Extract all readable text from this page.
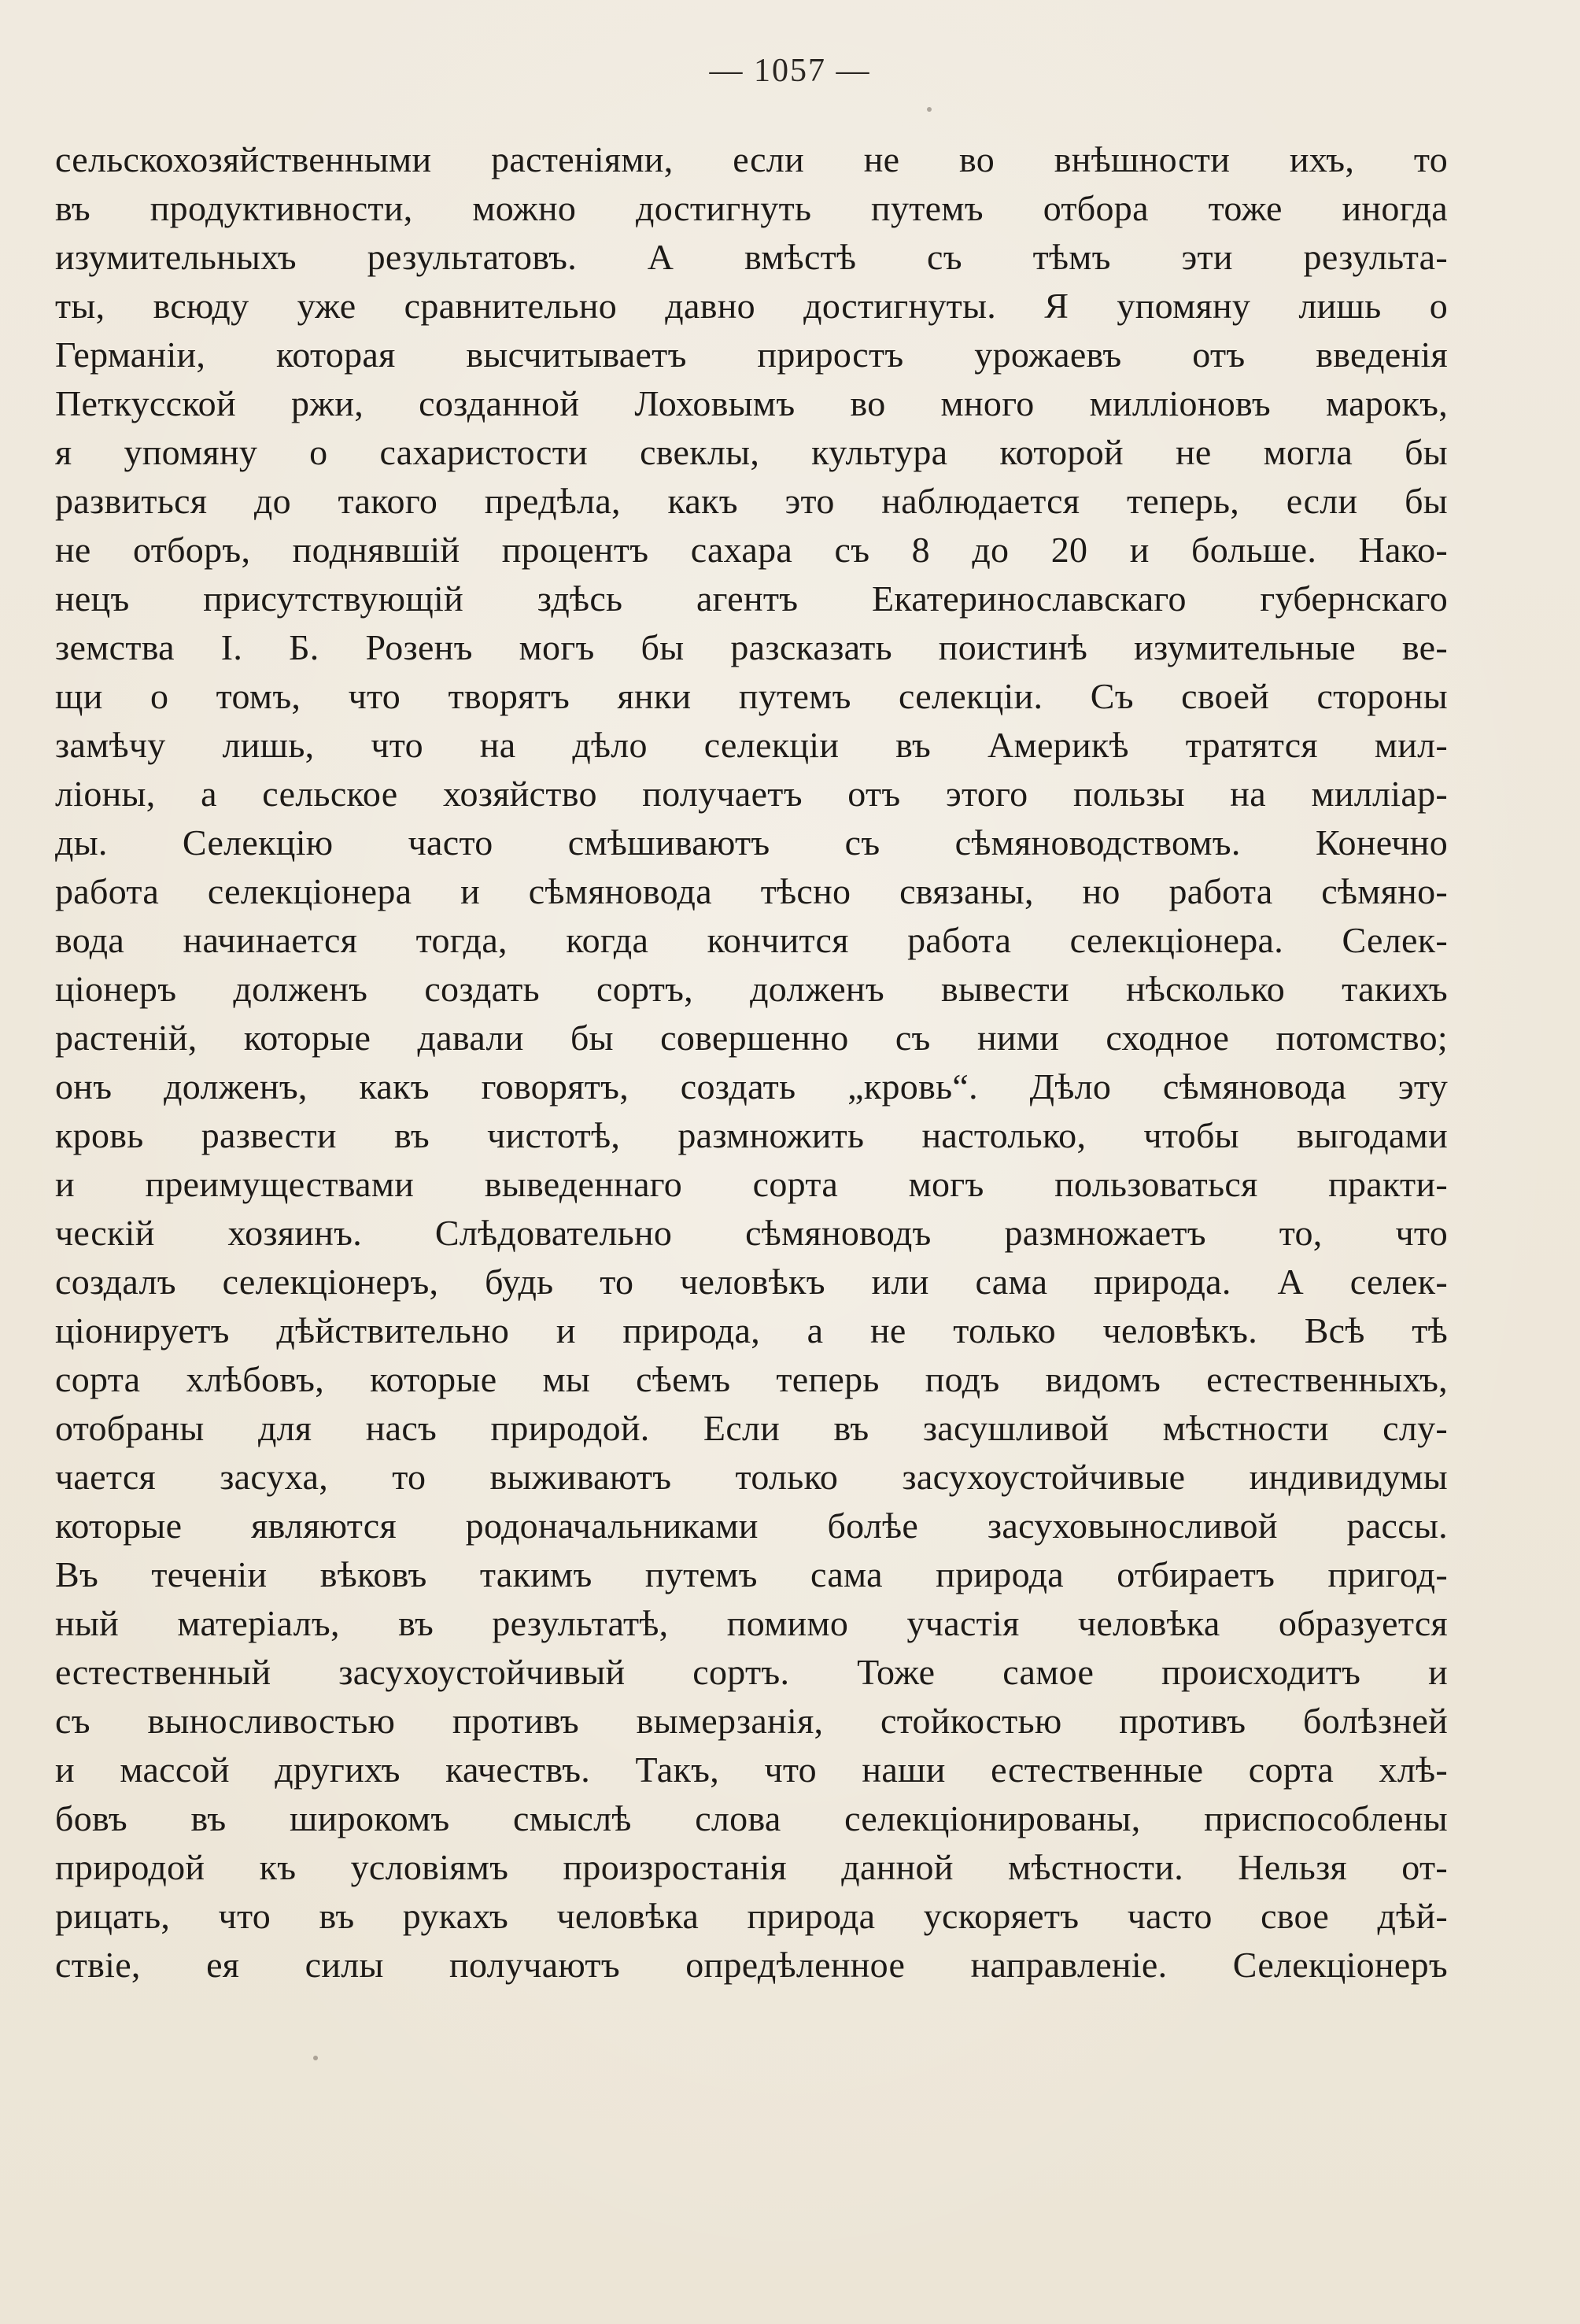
— 1057 —
сельскохозяйственными растеніями, если не во внѣшности ихъ, то
въ продуктивности, можно достигнуть путемъ отбора тоже иногда
изумительныхъ результатовъ. А вмѣстѣ съ тѣмъ эти результа-
ты, всюду уже сравнительно давно достигнуты. Я упомяну лишь о
Германіи, которая высчитываетъ приростъ урожаевъ отъ введенія
Петкусской ржи, созданной Лоховымъ во много милліоновъ марокъ,
я упомяну о сахаристости свеклы, культура которой не могла бы
развиться до такого предѣла, какъ это наблюдается теперь, если бы
не отборъ, поднявшій процентъ сахара съ 8 до 20 и больше. Нако-
нецъ присутствующій здѣсь агентъ Екатеринославскаго губернскаго
земства I. Б. Розенъ могъ бы разсказать поистинѣ изумительные ве-
щи о томъ, что творятъ янки путемъ селекціи. Съ своей стороны
замѣчу лишь, что на дѣло селекціи въ Америкѣ тратятся мил-
ліоны, а сельское хозяйство получаетъ отъ этого пользы на милліар-
ды. Селекцію часто смѣшиваютъ съ сѣмяноводствомъ. Конечно
работа селекціонера и сѣмяновода тѣсно связаны, но работа сѣмяно-
вода начинается тогда, когда кончится работа селекціонера. Селек-
ціонеръ долженъ создать сортъ, долженъ вывести нѣсколько такихъ
растеній, которые давали бы совершенно съ ними сходное потомство;
онъ долженъ, какъ говорятъ, создать „кровь“. Дѣло сѣмяновода эту
кровь развести въ чистотѣ, размножить настолько, чтобы выгодами
и преимуществами выведеннаго сорта могъ пользоваться практи-
ческій хозяинъ. Слѣдовательно сѣмяноводъ размножаетъ то, что
создалъ селекціонеръ, будь то человѣкъ или сама природа. А селек-
ціонируетъ дѣйствительно и природа, а не только человѣкъ. Всѣ тѣ
сорта хлѣбовъ, которые мы сѣемъ теперь подъ видомъ естественныхъ,
отобраны для насъ природой. Если въ засушливой мѣстности слу-
чается засуха, то выживаютъ только засухоустойчивые индивидумы
которые являются родоначальниками болѣе засуховыносливой рассы.
Въ теченіи вѣковъ такимъ путемъ сама природа отбираетъ пригод-
ный матеріалъ, въ результатѣ, помимо участія человѣка образуется
естественный засухоустойчивый сортъ. Тоже самое происходитъ и
съ выносливостью противъ вымерзанія, стойкостью противъ болѣзней
и массой другихъ качествъ. Такъ, что наши естественные сорта хлѣ-
бовъ въ широкомъ смыслѣ слова селекціонированы, приспособлены
природой къ условіямъ произростанія данной мѣстности. Нельзя от-
рицать, что въ рукахъ человѣка природа ускоряетъ часто свое дѣй-
ствіе, ея силы получаютъ опредѣленное направленіе. Селекціонеръ
